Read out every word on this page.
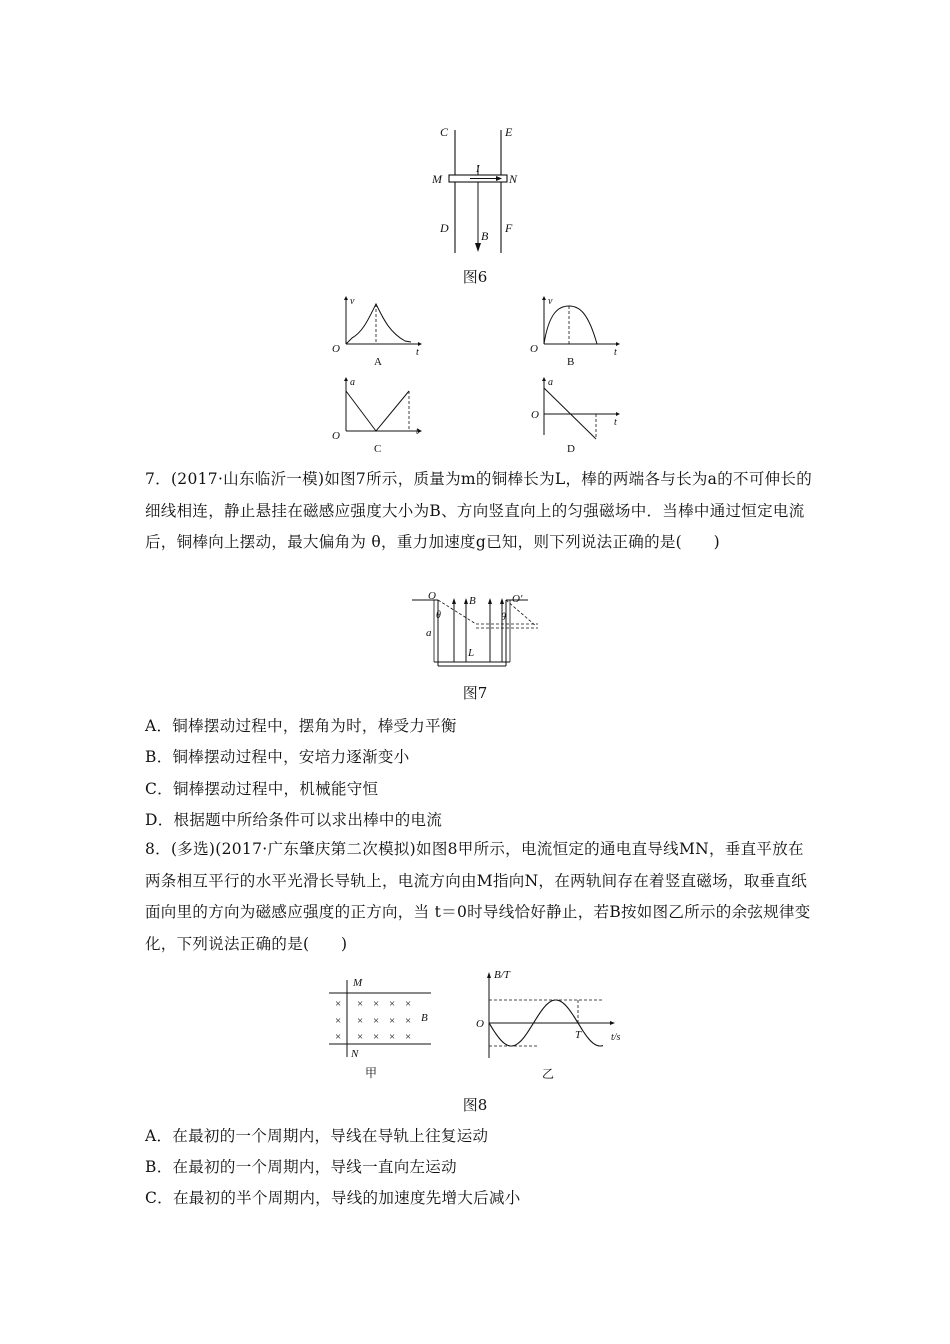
C	E
M	N
I
D
B
F
图6
v
t
O
A
v
t
O
B
a
t
O
C
a
t
O
D
7．(2017·山东临沂一模)如图7所示，质量为m的铜棒长为L，棒的两端各与长为a的不可伸长的细线相连，静止悬挂在磁感应强度大小为B、方向竖直向上的匀强磁场中．当棒中通过恒定电流后，铜棒向上摆动，最大偏角为 θ，重力加速度g已知，则下列说法正确的是(　　)
O
θ
B	O′
θ
a
L
图7
A．铜棒摆动过程中，摆角为时，棒受力平衡
B．铜棒摆动过程中，安培力逐渐变小
C．铜棒摆动过程中，机械能守恒
D．根据题中所给条件可以求出棒中的电流
8．(多选)(2017·广东肇庆第二次模拟)如图8甲所示，电流恒定的通电直导线MN，垂直平放在两条相互平行的水平光滑长导轨上，电流方向由M指向N，在两轨间存在着竖直磁场，取垂直纸面向里的方向为磁感应强度的正方向，当 t＝0时导线恰好静止，若B按如图乙所示的余弦规律变化，下列说法正确的是(　　)
× × × × ×
× × × × ×
× × × × ×
M
N
B
甲
B/T
t/s
O
T
乙
图8
A．在最初的一个周期内，导线在导轨上往复运动
B．在最初的一个周期内，导线一直向左运动
C．在最初的半个周期内，导线的加速度先增大后减小
